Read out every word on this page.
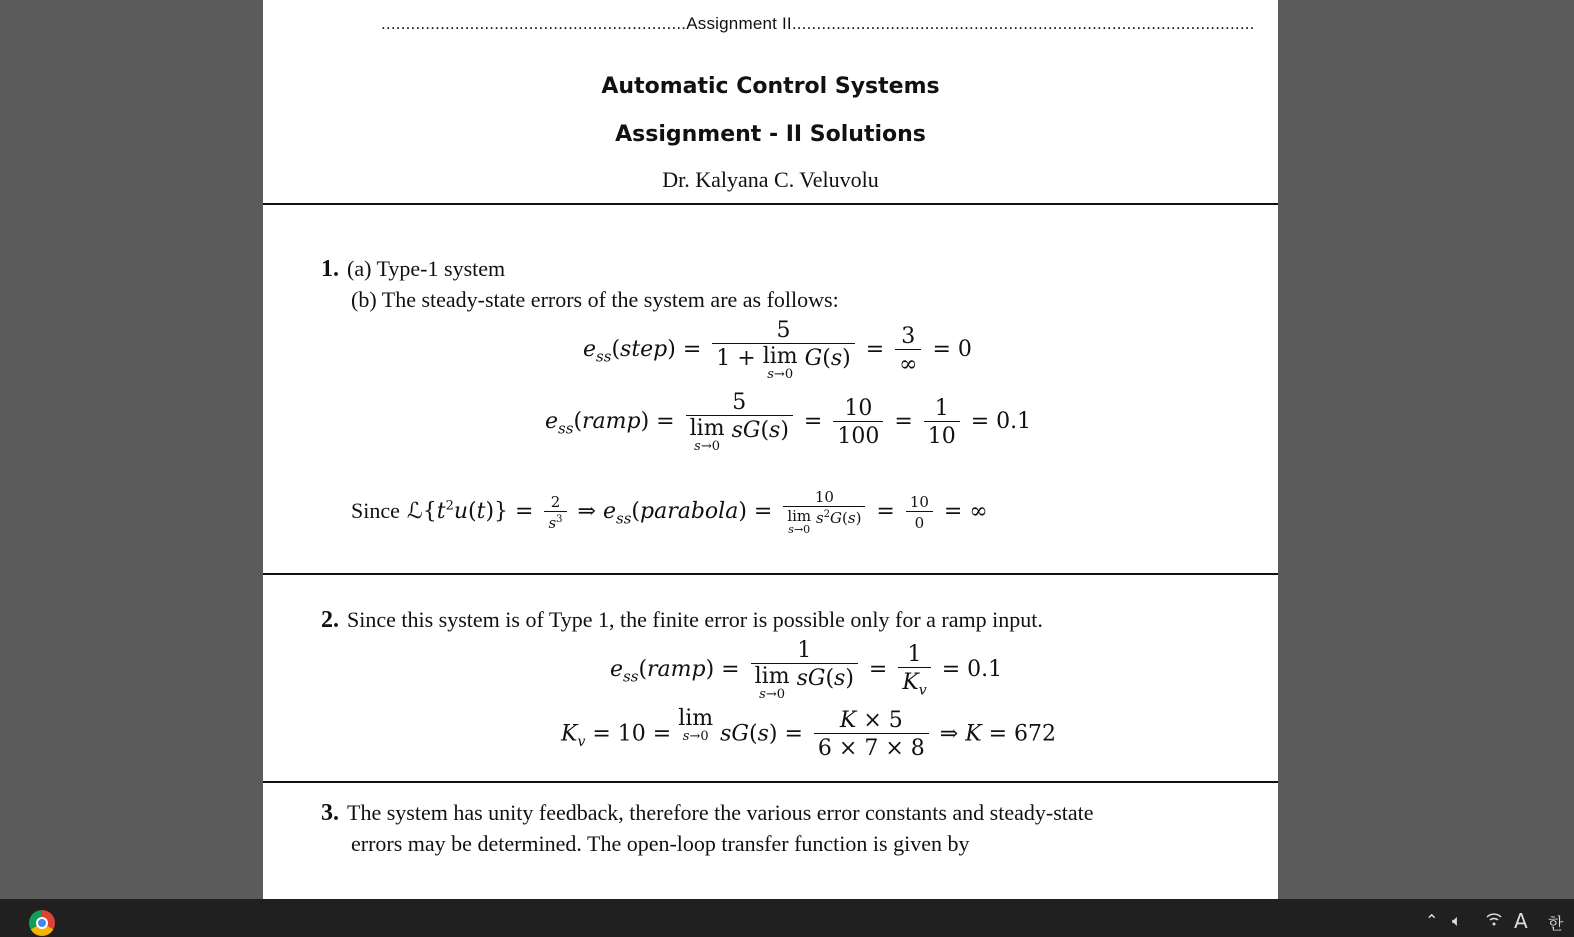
..............................................................Assignment II..............................................................................................
Automatic Control Systems
Assignment - II Solutions
Dr. Kalyana C. Veluvolu
1. (a) Type-1 system
(b) The steady-state errors of the system are as follows:
$e_{ss}(step) = 5$
1 + lim
s→0
$G(s) = \frac{3}{\infty} = 0$
$e_{ss}(ramp) = 5$
lim
s→0
$sG(s) = \frac{10}{100} = \frac{1}{10} = 0.1$
Since $ℒ\{t^2u(t)\} = \frac{2}{s^3}$ ⇒ $e_{ss}(parabola) = 10$
lim
s→0
$s^2G(s) = \frac{10}{0}$ = ∞
2. Since this system is of Type 1, the finite error is possible only for a ramp input.
$e_{ss}(ramp) = 1$
lim
s→0
$sG(s) = \frac{1}{K_v} = 0.1$
$K_v = 10 = \lim$
s→0 $sG(s) = \frac{K \times 5}{6 \times 7 \times 8}$ ⇒ K = 672
3. The system has unity feedback, therefore the various error constants and steady-state
errors may be determined. The open-loop transfer function is given by
⌃ 🔈︎	A 한
